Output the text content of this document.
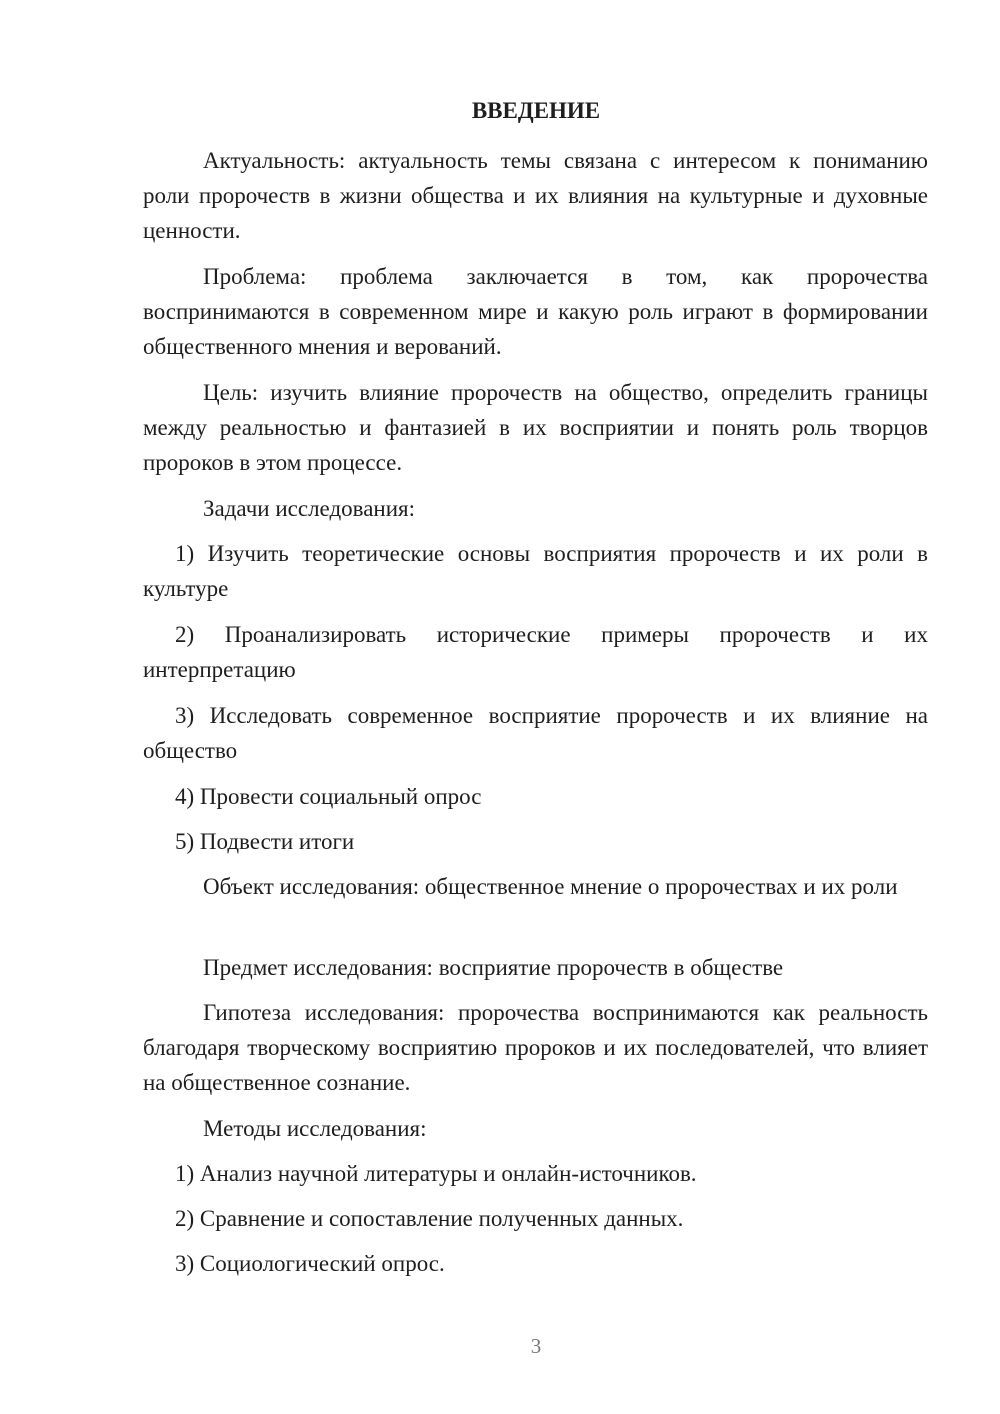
ВВЕДЕНИЕ

Актуальность: актуальность темы связана с интересом к пониманию роли пророчеств в жизни общества и их влияния на культурные и духовные ценности.

Проблема: проблема заключается в том, как пророчества воспринимаются в современном мире и какую роль играют в формировании общественного мнения и верований.

Цель: изучить влияние пророчеств на общество, определить границы между реальностью и фантазией в их восприятии и понять роль творцов пророков в этом процессе.

Задачи исследования:

1) Изучить теоретические основы восприятия пророчеств и их роли в культуре

2) Проанализировать исторические примеры пророчеств и их интерпретацию

3) Исследовать современное восприятие пророчеств и их влияние на общество

4) Провести социальный опрос

5) Подвести итоги

Объект исследования: общественное мнение о пророчествах и их роли

Предмет исследования: восприятие пророчеств в обществе

Гипотеза исследования: пророчества воспринимаются как реальность благодаря творческому восприятию пророков и их последователей, что влияет на общественное сознание.

Методы исследования:

1) Анализ научной литературы и онлайн-источников.

2) Сравнение и сопоставление полученных данных.

3) Социологический опрос.

3
